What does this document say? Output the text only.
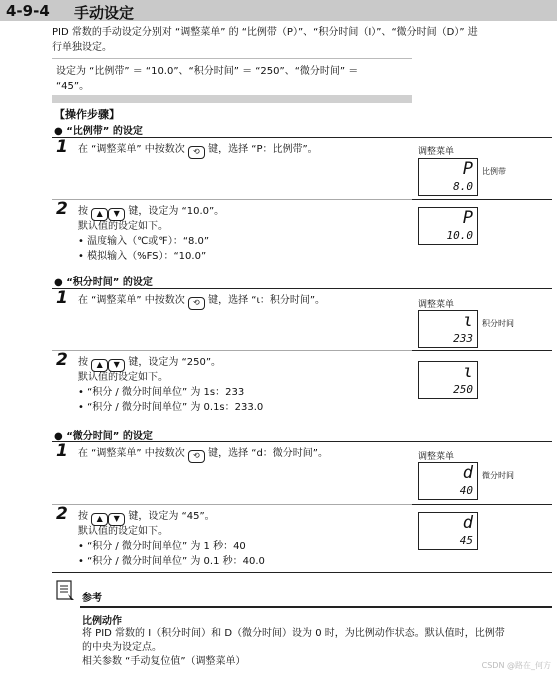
4-9-4 手动设定
PID 常数的手动设定分别对 “调整菜单” 的 “比例带（P）”、“积分时间（I）”、“微分时间（D）” 进
行单独设定。
设定为 “比例带” ＝ “10.0”、“积分时间” ＝ “250”、“微分时间” ＝
“45”。
【操作步骤】
● “比例带” 的设定
1 在 “调整菜单” 中按数次 ⟲ 键，选择 “P：比例带”。	调整菜单
P
8.0
比例带
2 按 ▲ ▼ 键，设定为 “10.0”。
默认值的设定如下。
• 温度输入（℃或℉）：“8.0”
• 模拟输入（%FS）：“10.0”
P
10.0
● “积分时间” 的设定
1 在 “调整菜单” 中按数次 ⟲ 键，选择 “ɩ：积分时间”。	调整菜单
ɩ
233
积分时间
2 按 ▲ ▼ 键，设定为 “250”。
默认值的设定如下。
• “积分 / 微分时间单位” 为 1s：233
• “积分 / 微分时间单位” 为 0.1s：233.0
ɩ
250
● “微分时间” 的设定
1 在 “调整菜单” 中按数次 ⟲ 键，选择 “d：微分时间”。	调整菜单
d
40
微分时间
2 按 ▲ ▼ 键，设定为 “45”。
默认值的设定如下。
• “积分 / 微分时间单位” 为 1 秒：40
• “积分 / 微分时间单位” 为 0.1 秒：40.0
d
45
参考
比例动作
将 PID 常数的 I（积分时间）和 D（微分时间）设为 0 时，为比例动作状态。默认值时，比例带
的中央为设定点。
相关参数 “手动复位值”（调整菜单）	CSDN @路在_何方
